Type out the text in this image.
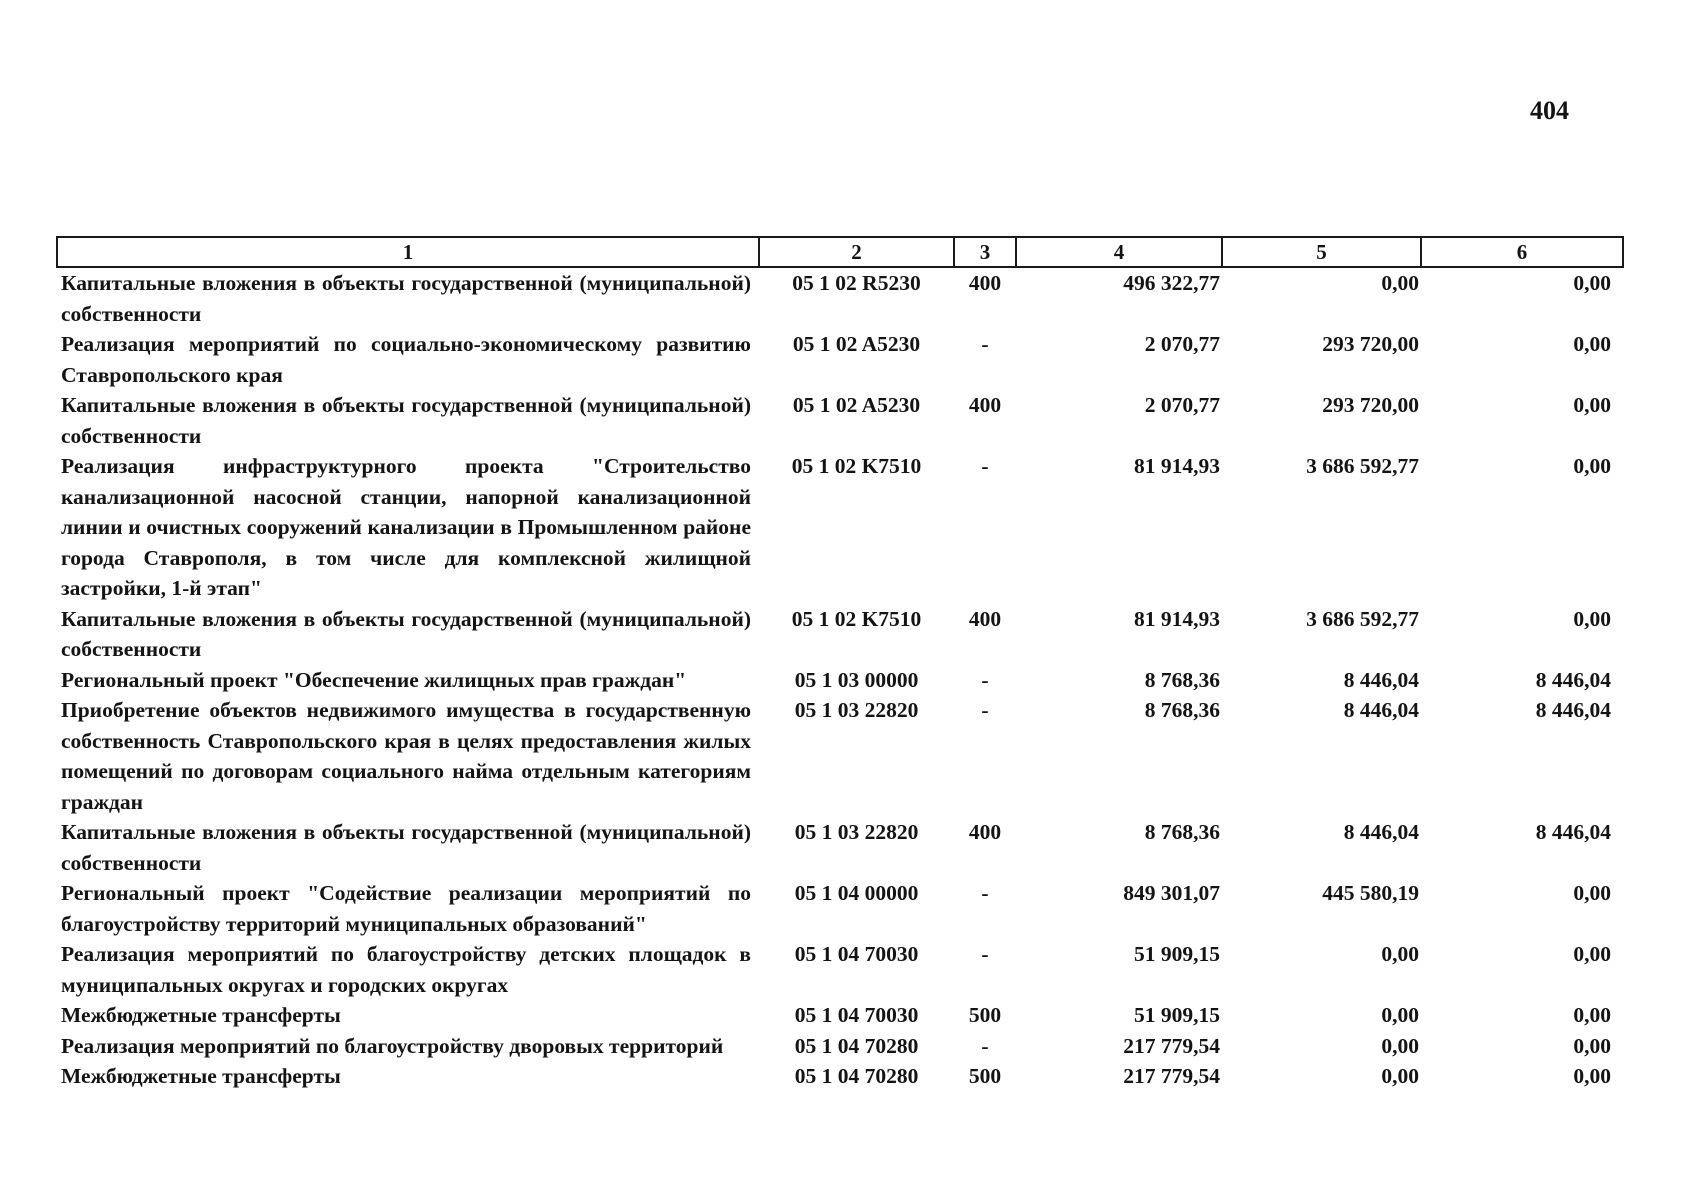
404
1	2	3	4	5	6
Капитальные вложения в объекты государственной (муниципальной) собственности	05 1 02 R5230	400	496 322,77	0,00	0,00
Реализация мероприятий по социально-экономическому развитию Ставропольского края	05 1 02 A5230	-	2 070,77	293 720,00	0,00
Капитальные вложения в объекты государственной (муниципальной) собственности	05 1 02 A5230	400	2 070,77	293 720,00	0,00
Реализация инфраструктурного проекта "Строительство канализационной насосной станции, напорной канализационной линии и очистных сооружений канализации в Промышленном районе города Ставрополя, в том числе для комплексной жилищной застройки, 1-й этап"	05 1 02 K7510	-	81 914,93	3 686 592,77	0,00
Капитальные вложения в объекты государственной (муниципальной) собственности	05 1 02 K7510	400	81 914,93	3 686 592,77	0,00
Региональный проект "Обеспечение жилищных прав граждан"	05 1 03 00000	-	8 768,36	8 446,04	8 446,04
Приобретение объектов недвижимого имущества в государственную собственность Ставропольского края в целях предоставления жилых помещений по договорам социального найма отдельным категориям граждан	05 1 03 22820	-	8 768,36	8 446,04	8 446,04
Капитальные вложения в объекты государственной (муниципальной) собственности	05 1 03 22820	400	8 768,36	8 446,04	8 446,04
Региональный проект "Содействие реализации мероприятий по благоустройству территорий муниципальных образований"	05 1 04 00000	-	849 301,07	445 580,19	0,00
Реализация мероприятий по благоустройству детских площадок в муниципальных округах и городских округах	05 1 04 70030	-	51 909,15	0,00	0,00
Межбюджетные трансферты	05 1 04 70030	500	51 909,15	0,00	0,00
Реализация мероприятий по благоустройству дворовых территорий	05 1 04 70280	-	217 779,54	0,00	0,00
Межбюджетные трансферты	05 1 04 70280	500	217 779,54	0,00	0,00
